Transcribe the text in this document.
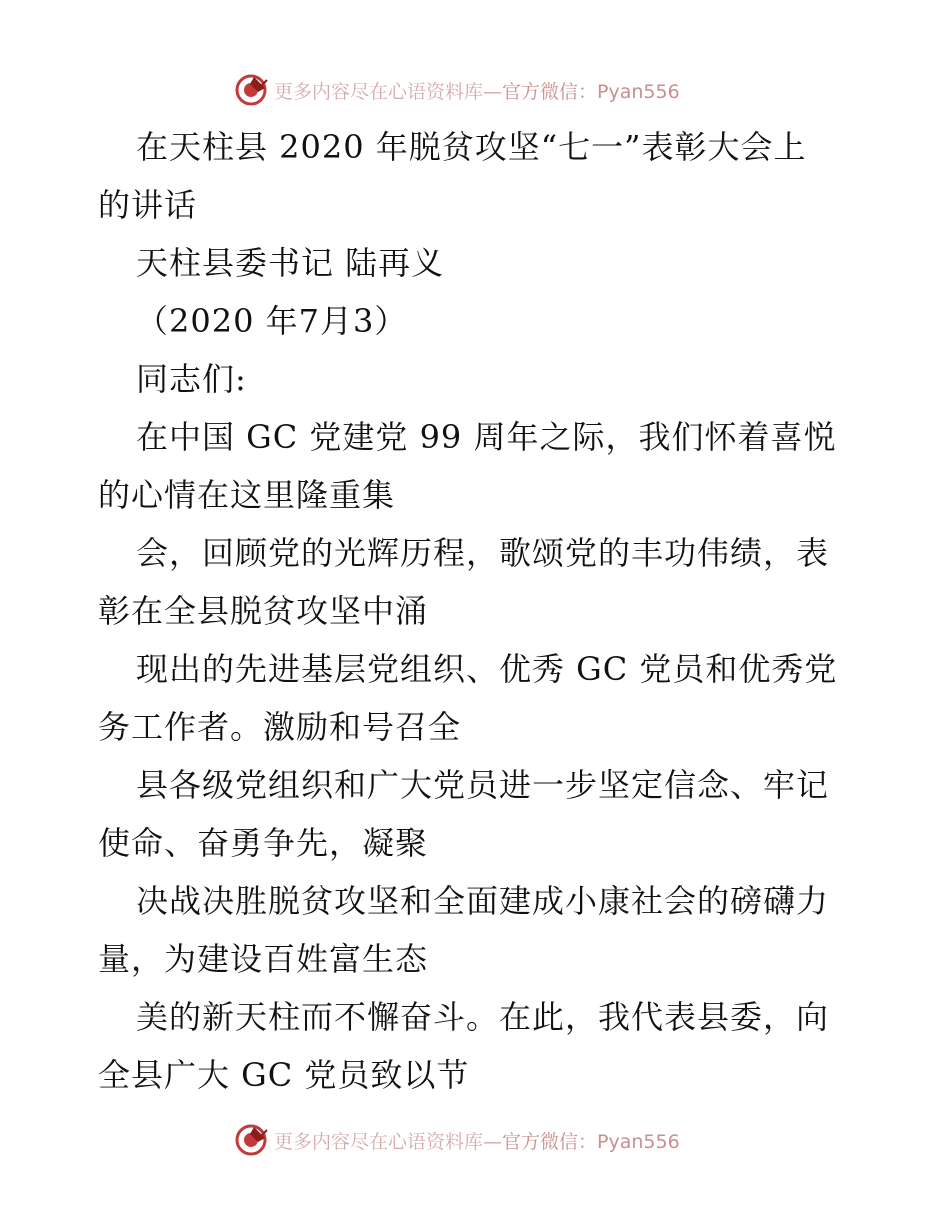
更多内容尽在心语资料库—官方微信：Pyan556
在天柱县 2020 年脱贫攻坚“七一”表彰大会上
的讲话
天柱县委书记 陆再义
（2020 年7月3）
同志们:
在中国 GC 党建党 99 周年之际，我们怀着喜悦
的心情在这里隆重集
会，回顾党的光辉历程，歌颂党的丰功伟绩，表
彰在全县脱贫攻坚中涌
现出的先进基层党组织、优秀 GC 党员和优秀党
务工作者。激励和号召全
县各级党组织和广大党员进一步坚定信念、牢记
使命、奋勇争先，凝聚
决战决胜脱贫攻坚和全面建成小康社会的磅礴力
量，为建设百姓富生态
美的新天柱而不懈奋斗。在此，我代表县委，向
全县广大 GC 党员致以节
更多内容尽在心语资料库—官方微信：Pyan556
